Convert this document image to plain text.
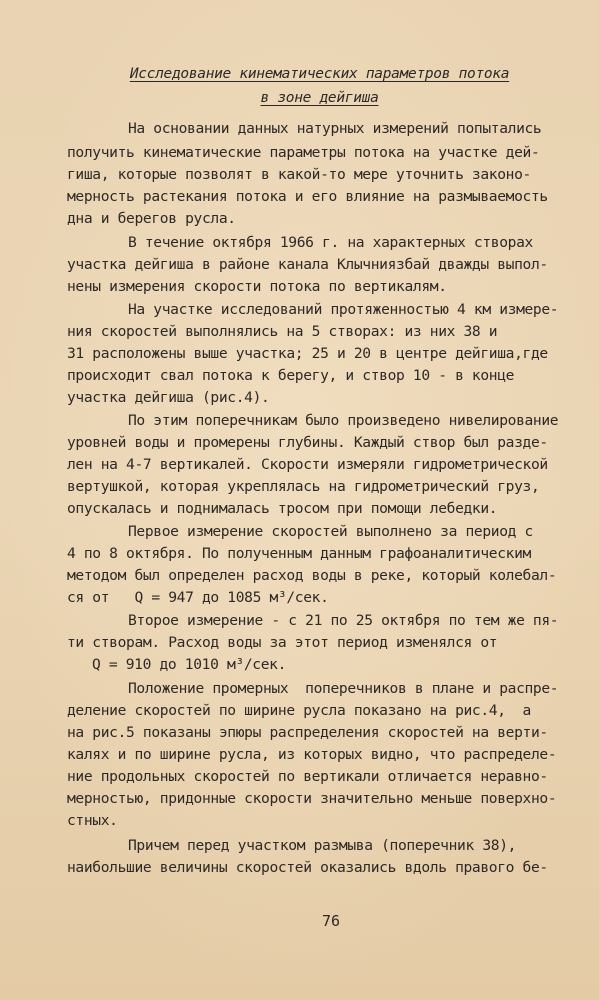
Исследование кинематических параметров потока
в зоне дейгиша
На основании данных натурных измерений попытались
получить кинематические параметры потока на участке дей-
гиша, которые позволят в какой-то мере уточнить законо-
мерность растекания потока и его влияние на размываемость
дна и берегов русла.
В течение октября 1966 г. на характерных створах
участка дейгиша в районе канала Клычниязбай дважды выпол-
нены измерения скорости потока по вертикалям.
На участке исследований протяженностью 4 км измере-
ния скоростей выполнялись на 5 створах: из них 38 и
31 расположены выше участка; 25 и 20 в центре дейгиша,где
происходит свал потока к берегу, и створ 10 - в конце
участка дейгиша (рис.4).
По этим поперечникам было произведено нивелирование
уровней воды и промерены глубины. Каждый створ был разде-
лен на 4-7 вертикалей. Скорости измеряли гидрометрической
вертушкой, которая укреплялась на гидрометрический груз,
опускалась и поднималась тросом при помощи лебедки.
Первое измерение скоростей выполнено за период с
4 по 8 октября. По полученным данным графоаналитическим
методом был определен расход воды в реке, который колебал-
ся от   Q = 947 до 1085 м³/сек.
Второе измерение - с 21 по 25 октября по тем же пя-
ти створам. Расход воды за этот период изменялся от
Q = 910 до 1010 м³/сек.
Положение промерных  поперечников в плане и распре-
деление скоростей по ширине русла показано на рис.4,  а
на рис.5 показаны эпюры распределения скоростей на верти-
калях и по ширине русла, из которых видно, что распределе-
ние продольных скоростей по вертикали отличается неравно-
мерностью, придонные скорости значительно меньше поверхно-
стных.
Причем перед участком размыва (поперечник 38),
наибольшие величины скоростей оказались вдоль правого бе-
76
